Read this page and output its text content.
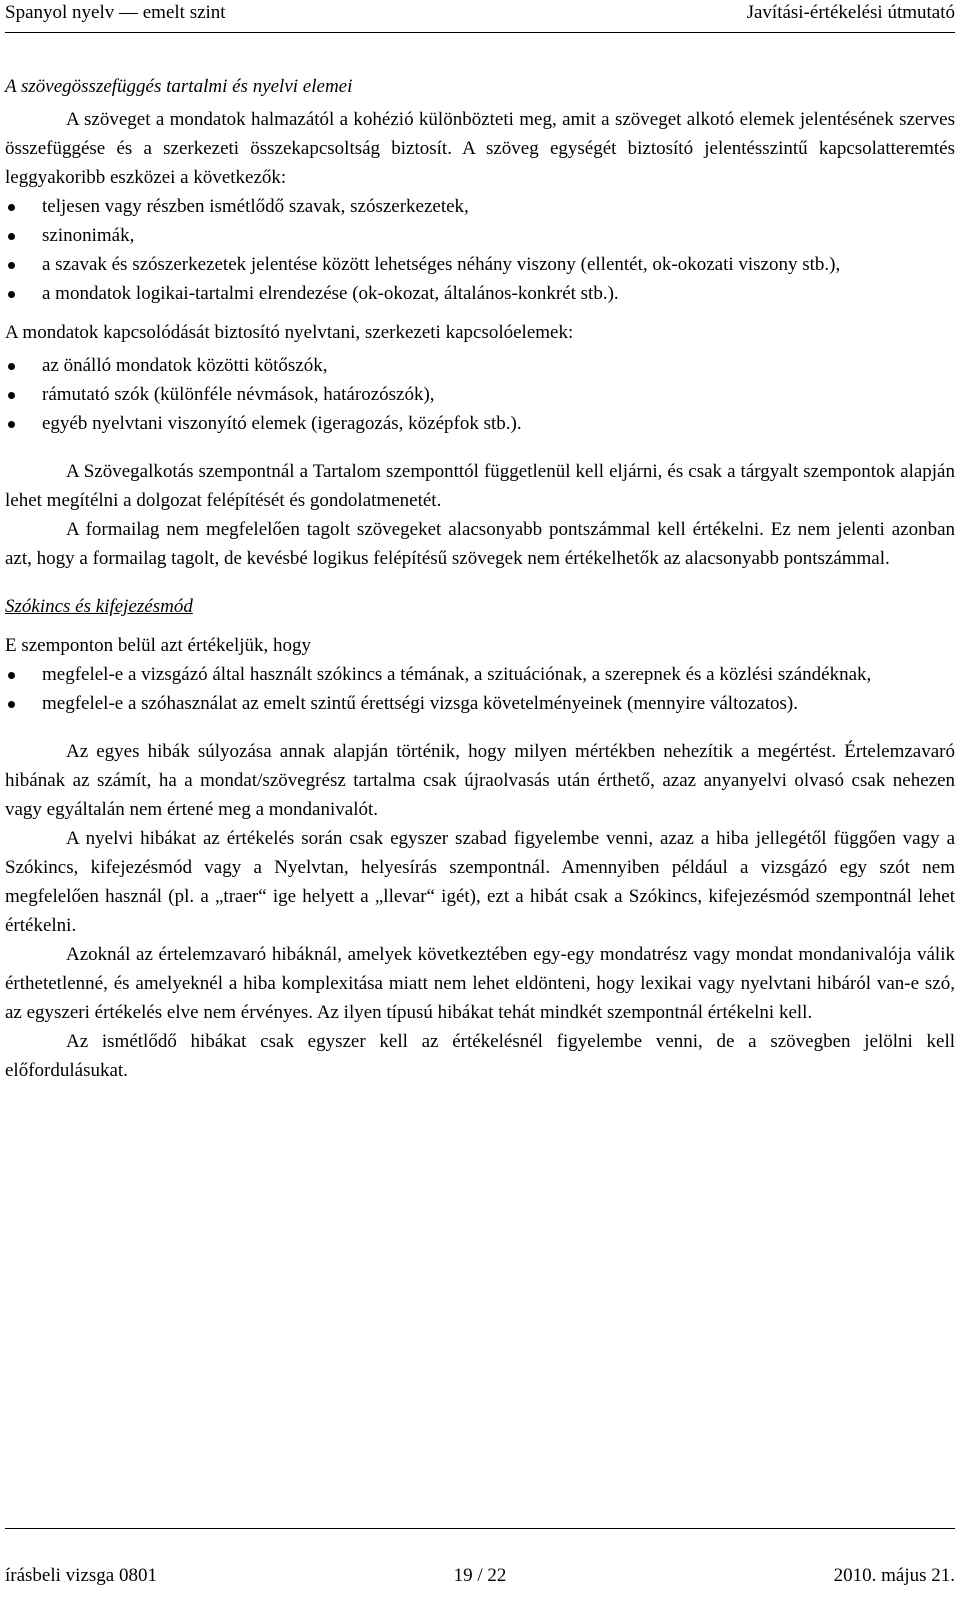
Spanyol nyelv — emelt szint	Javítási-értékelési útmutató

A szövegösszefüggés tartalmi és nyelvi elemei

A szöveget a mondatok halmazától a kohézió különbözteti meg, amit a szöveget alkotó elemek jelentésének szerves összefüggése és a szerkezeti összekapcsoltság biztosít. A szöveg egységét biztosító jelentésszintű kapcsolatteremtés leggyakoribb eszközei a következők:

teljesen vagy részben ismétlődő szavak, szószerkezetek,
szinonimák,
a szavak és szószerkezetek jelentése között lehetséges néhány viszony (ellentét, ok-okozati viszony stb.),
a mondatok logikai-tartalmi elrendezése (ok-okozat, általános-konkrét stb.).

A mondatok kapcsolódását biztosító nyelvtani, szerkezeti kapcsolóelemek:

az önálló mondatok közötti kötőszók,
rámutató szók (különféle névmások, határozószók),
egyéb nyelvtani viszonyító elemek (igeragozás, középfok stb.).

A Szövegalkotás szempontnál a Tartalom szemponttól függetlenül kell eljárni, és csak a tárgyalt szempontok alapján lehet megítélni a dolgozat felépítését és gondolatmenetét.

A formailag nem megfelelően tagolt szövegeket alacsonyabb pontszámmal kell értékelni. Ez nem jelenti azonban azt, hogy a formailag tagolt, de kevésbé logikus felépítésű szövegek nem értékelhetők az alacsonyabb pontszámmal.

Szókincs és kifejezésmód

E szemponton belül azt értékeljük, hogy

megfelel-e a vizsgázó által használt szókincs a témának, a szituációnak, a szerepnek és a közlési szándéknak,
megfelel-e a szóhasználat az emelt szintű érettségi vizsga követelményeinek (mennyire változatos).

Az egyes hibák súlyozása annak alapján történik, hogy milyen mértékben nehezítik a megértést. Értelemzavaró hibának az számít, ha a mondat/szövegrész tartalma csak újraolvasás után érthető, azaz anyanyelvi olvasó csak nehezen vagy egyáltalán nem értené meg a mondanivalót.

A nyelvi hibákat az értékelés során csak egyszer szabad figyelembe venni, azaz a hiba jellegétől függően vagy a Szókincs, kifejezésmód vagy a Nyelvtan, helyesírás szempontnál. Amennyiben például a vizsgázó egy szót nem megfelelően használ (pl. a „traer“ ige helyett a „llevar“ igét), ezt a hibát csak a Szókincs, kifejezésmód szempontnál lehet értékelni.

Azoknál az értelemzavaró hibáknál, amelyek következtében egy-egy mondatrész vagy mondat mondanivalója válik érthetetlenné, és amelyeknél a hiba komplexitása miatt nem lehet eldönteni, hogy lexikai vagy nyelvtani hibáról van-e szó, az egyszeri értékelés elve nem érvényes. Az ilyen típusú hibákat tehát mindkét szempontnál értékelni kell.

Az ismétlődő hibákat csak egyszer kell az értékelésnél figyelembe venni, de a szövegben jelölni kell előfordulásukat.

írásbeli vizsga 0801	19 / 22	2010. május 21.
